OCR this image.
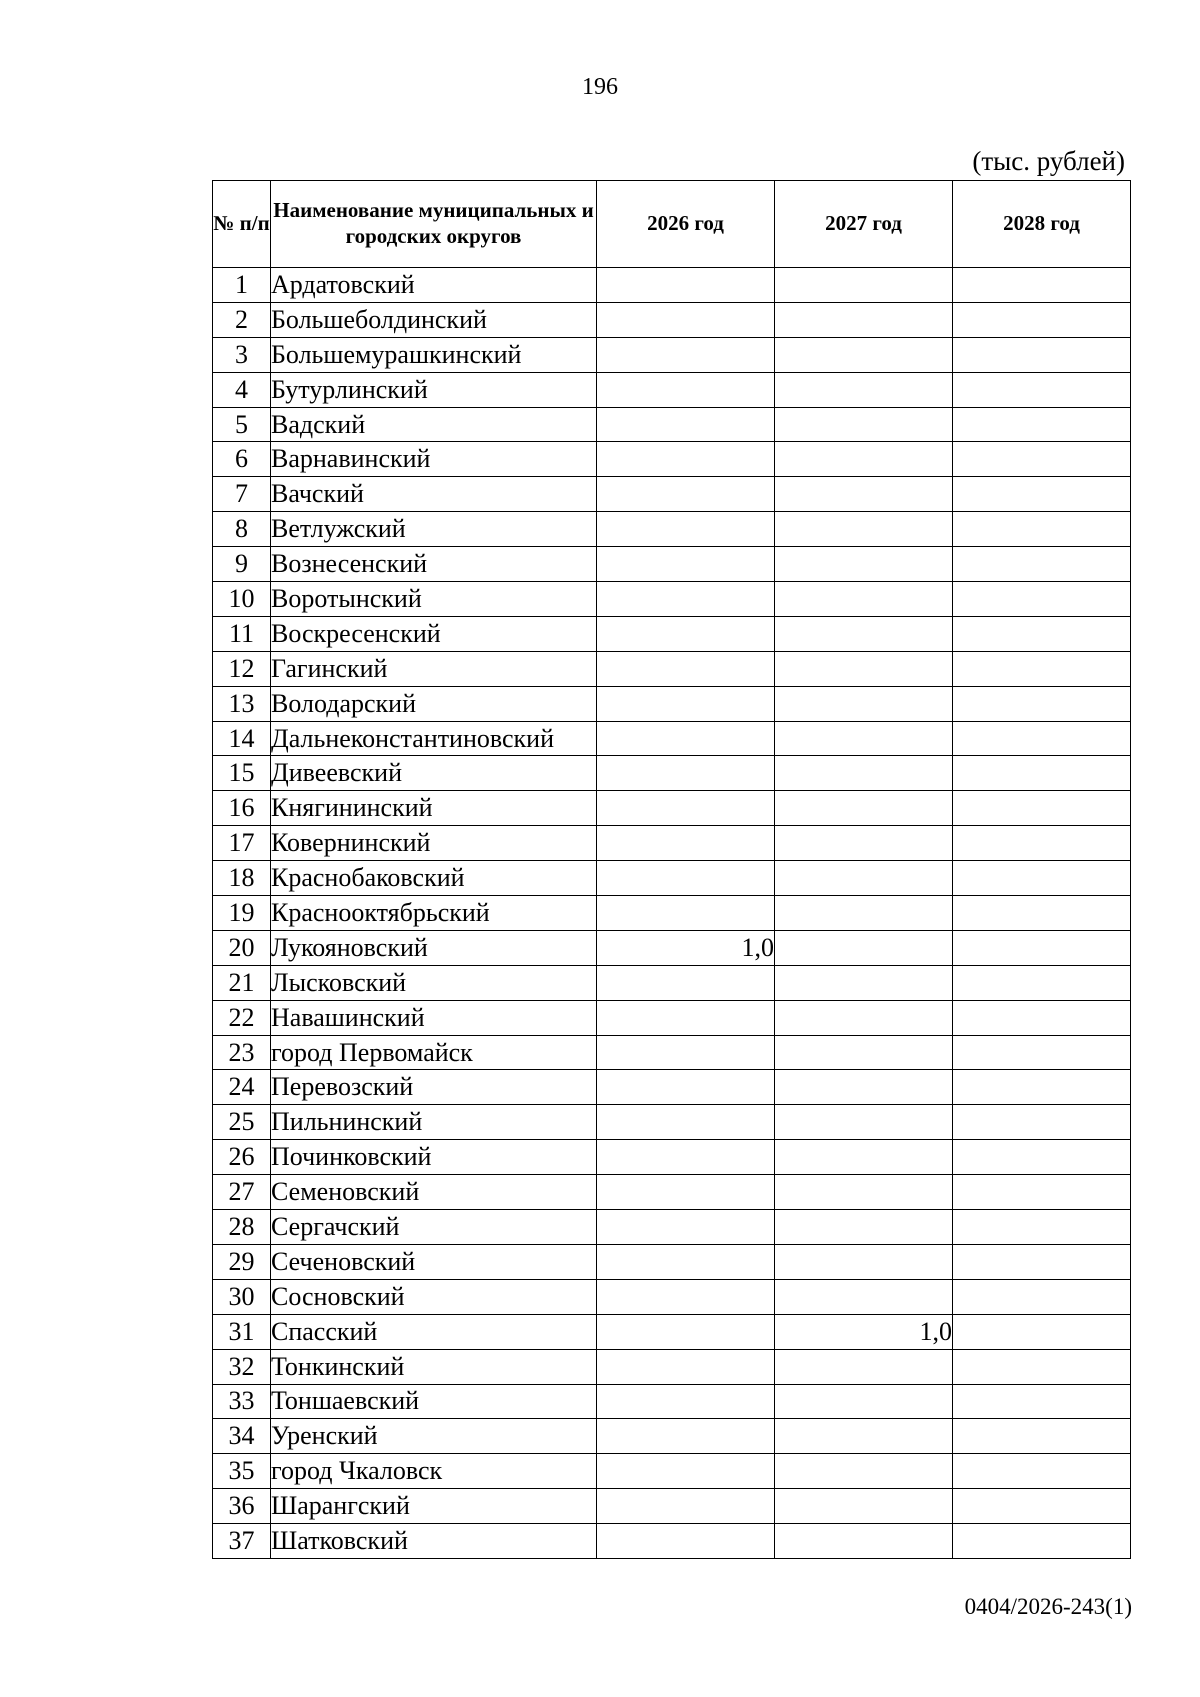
196
(тыс. рублей)
№ п/п	Наименование муниципальных и городских округов	2026 год	2027 год	2028 год
1	Ардатовский			
2	Большеболдинский			
3	Большемурашкинский			
4	Бутурлинский			
5	Вадский			
6	Варнавинский			
7	Вачский			
8	Ветлужский			
9	Вознесенский			
10	Воротынский			
11	Воскресенский			
12	Гагинский			
13	Володарский			
14	Дальнеконстантиновский			
15	Дивеевский			
16	Княгининский			
17	Ковернинский			
18	Краснобаковский			
19	Краснооктябрьский			
20	Лукояновский	1,0		
21	Лысковский			
22	Навашинский			
23	город Первомайск			
24	Перевозский			
25	Пильнинский			
26	Починковский			
27	Семеновский			
28	Сергачский			
29	Сеченовский			
30	Сосновский			
31	Спасский		1,0	
32	Тонкинский			
33	Тоншаевский			
34	Уренский			
35	город Чкаловск			
36	Шарангский			
37	Шатковский			
0404/2026-243(1)
